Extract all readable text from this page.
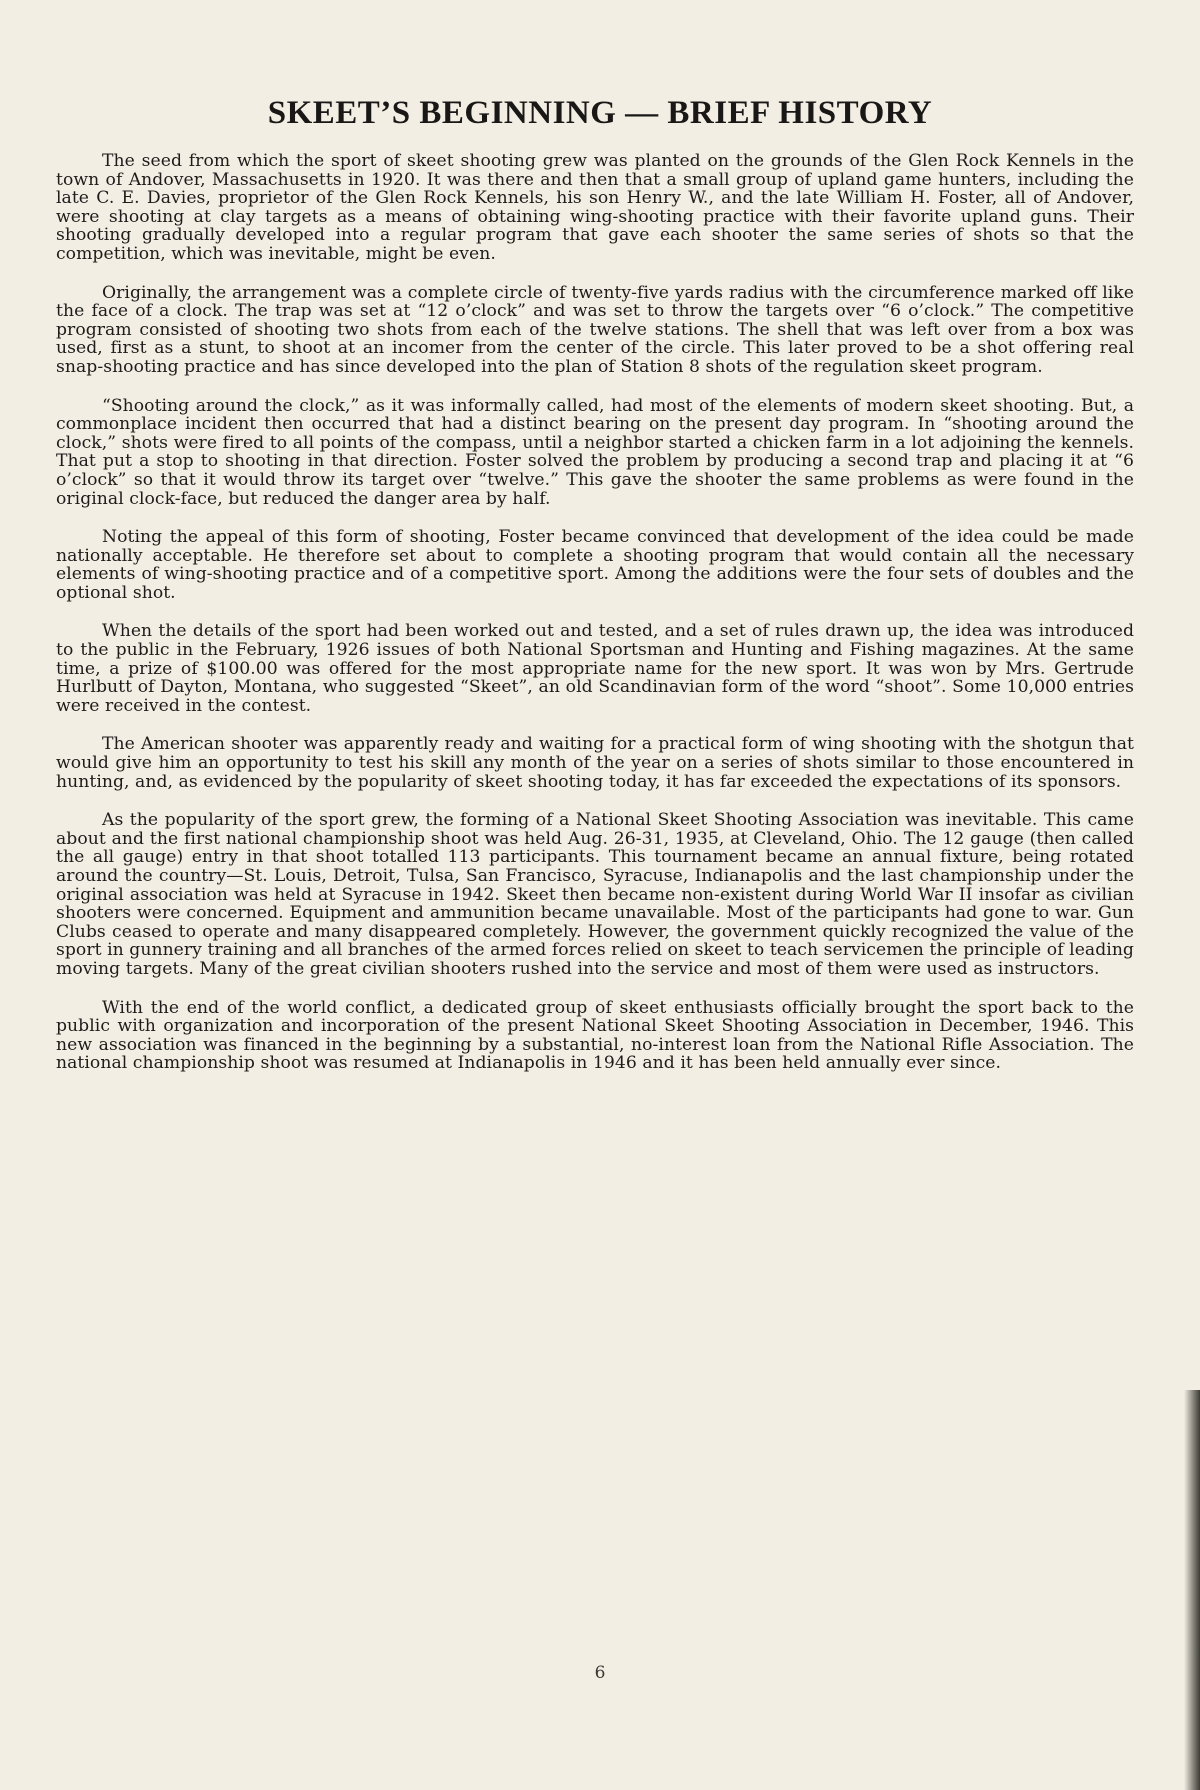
SKEET’S BEGINNING — BRIEF HISTORY

The seed from which the sport of skeet shooting grew was planted on the grounds of the Glen Rock Kennels in the town of Andover, Massachusetts in 1920. It was there and then that a small group of upland game hunters, including the late C. E. Davies, proprietor of the Glen Rock Kennels, his son Henry W., and the late William H. Foster, all of Andover, were shooting at clay targets as a means of obtaining wing-shooting practice with their favorite upland guns. Their shooting gradually developed into a regular program that gave each shooter the same series of shots so that the competition, which was inevitable, might be even.

Originally, the arrangement was a complete circle of twenty-five yards radius with the circumference marked off like the face of a clock. The trap was set at “12 o’clock” and was set to throw the targets over “6 o’clock.” The competitive program consisted of shooting two shots from each of the twelve stations. The shell that was left over from a box was used, first as a stunt, to shoot at an incomer from the center of the circle. This later proved to be a shot offering real snap-shooting practice and has since developed into the plan of Station 8 shots of the regulation skeet program.

“Shooting around the clock,” as it was informally called, had most of the elements of modern skeet shooting. But, a commonplace incident then occurred that had a distinct bearing on the present day program. In “shooting around the clock,” shots were fired to all points of the compass, until a neighbor started a chicken farm in a lot adjoining the kennels. That put a stop to shooting in that direction. Foster solved the problem by producing a second trap and placing it at “6 o’clock” so that it would throw its target over “twelve.” This gave the shooter the same problems as were found in the original clock-face, but reduced the danger area by half.

Noting the appeal of this form of shooting, Foster became convinced that development of the idea could be made nationally acceptable. He therefore set about to complete a shooting program that would contain all the necessary elements of wing-shooting practice and of a competitive sport. Among the additions were the four sets of doubles and the optional shot.

When the details of the sport had been worked out and tested, and a set of rules drawn up, the idea was introduced to the public in the February, 1926 issues of both National Sportsman and Hunting and Fishing magazines. At the same time, a prize of $100.00 was offered for the most appropriate name for the new sport. It was won by Mrs. Gertrude Hurlbutt of Dayton, Montana, who suggested “Skeet”, an old Scandinavian form of the word “shoot”. Some 10,000 entries were received in the contest.

The American shooter was apparently ready and waiting for a practical form of wing shooting with the shotgun that would give him an opportunity to test his skill any month of the year on a series of shots similar to those encountered in hunting, and, as evidenced by the popularity of skeet shooting today, it has far exceeded the expectations of its sponsors.

As the popularity of the sport grew, the forming of a National Skeet Shooting Association was inevitable. This came about and the first national championship shoot was held Aug. 26-31, 1935, at Cleveland, Ohio. The 12 gauge (then called the all gauge) entry in that shoot totalled 113 participants. This tournament became an annual fixture, being rotated around the country—St. Louis, Detroit, Tulsa, San Francisco, Syracuse, Indianapolis and the last championship under the original association was held at Syracuse in 1942. Skeet then became non-existent during World War II insofar as civilian shooters were concerned. Equipment and ammunition became unavailable. Most of the participants had gone to war. Gun Clubs ceased to operate and many disappeared completely. However, the government quickly recognized the value of the sport in gunnery training and all branches of the armed forces relied on skeet to teach servicemen the principle of leading moving targets. Many of the great civilian shooters rushed into the service and most of them were used as instructors.

With the end of the world conflict, a dedicated group of skeet enthusiasts officially brought the sport back to the public with organization and incorporation of the present National Skeet Shooting Association in December, 1946. This new association was financed in the beginning by a substantial, no-interest loan from the National Rifle Association. The national championship shoot was resumed at Indianapolis in 1946 and it has been held annually ever since.

6
